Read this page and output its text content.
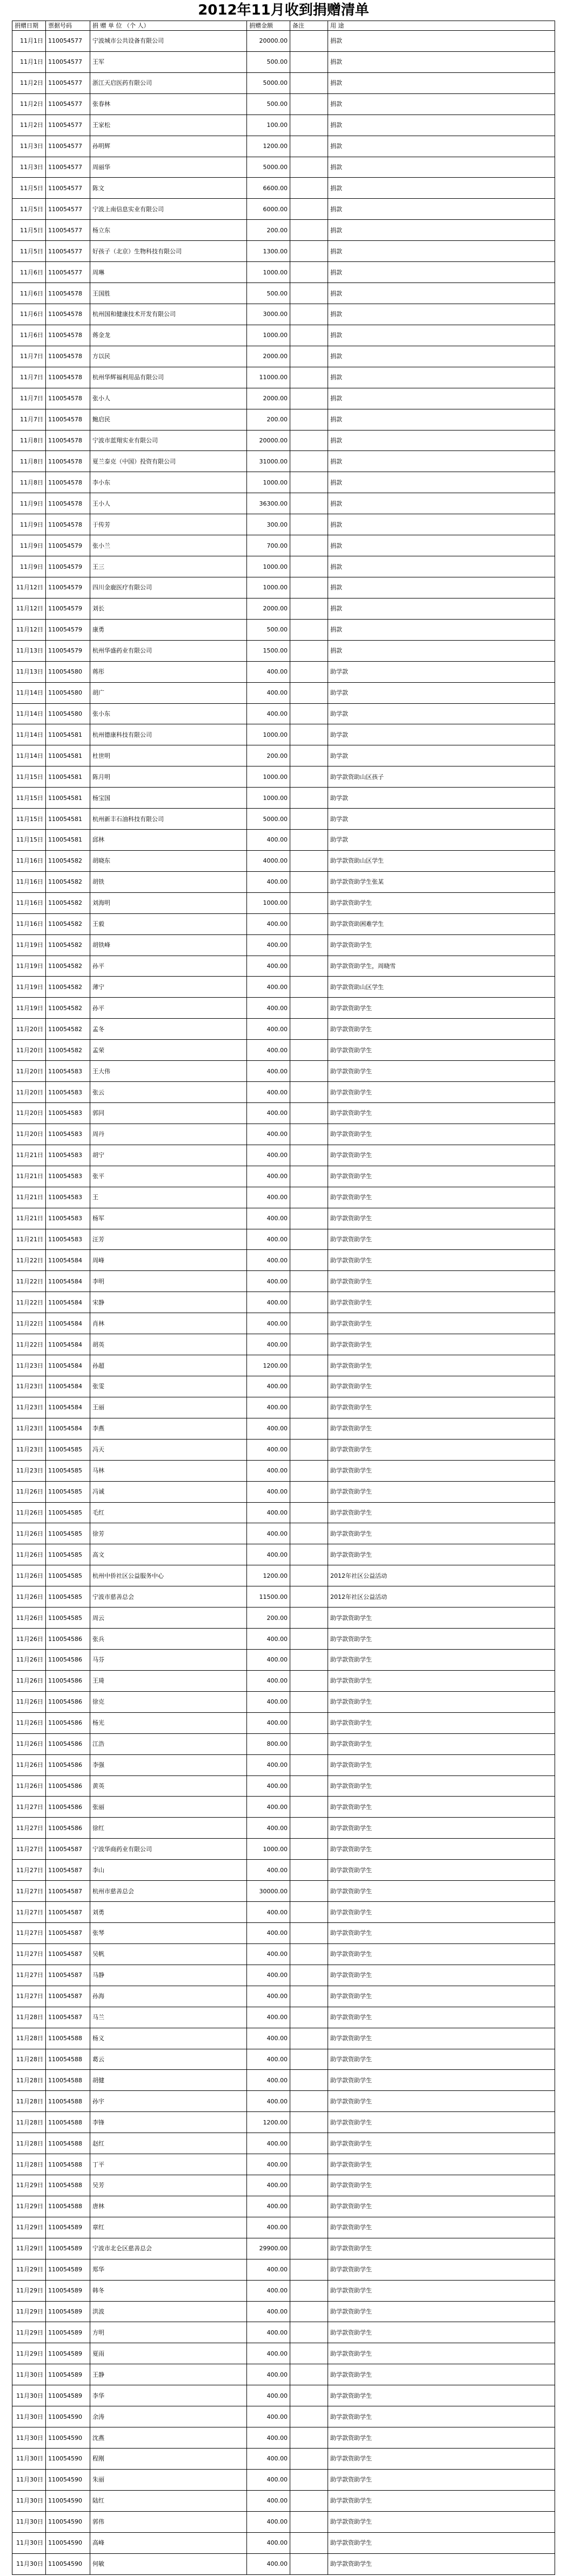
2012年11月收到捐赠清单
捐赠日期	票据号码	捐 赠 单 位 （个 人）	捐赠金额	备注	用 途
11月1日	110054577	宁波城市公共设备有限公司	20000.00		捐款
11月1日	110054577	王军	500.00		捐款
11月2日	110054577	浙江天启医药有限公司	5000.00		捐款
11月2日	110054577	张春林	500.00		捐款
11月2日	110054577	王家松	100.00		捐款
11月3日	110054577	孙明辉	1200.00		捐款
11月3日	110054577	周丽华	5000.00		捐款
11月5日	110054577	陈文	6600.00		捐款
11月5日	110054577	宁波上南信息实业有限公司	6000.00		捐款
11月5日	110054577	杨立东	200.00		捐款
11月5日	110054577	好孩子（北京）生物科技有限公司	1300.00		捐款
11月6日	110054577	周琳	1000.00		捐款
11月6日	110054578	王国胜	500.00		捐款
11月6日	110054578	杭州国和健康技术开发有限公司	3000.00		捐款
11月6日	110054578	蒋金龙	1000.00		捐款
11月7日	110054578	方以民	2000.00		捐款
11月7日	110054578	杭州华辉福利用品有限公司	11000.00		捐款
11月7日	110054578	张小人	2000.00		捐款
11月7日	110054578	鲍启民	200.00		捐款
11月8日	110054578	宁波市蓝翔实业有限公司	20000.00		捐款
11月8日	110054578	夏兰泰克（中国）投资有限公司	31000.00		捐款
11月8日	110054578	李小东	1000.00		捐款
11月9日	110054578	王小人	36300.00		捐款
11月9日	110054578	于传芳	300.00		捐款
11月9日	110054579	张小兰	700.00		捐款
11月9日	110054579	王三	1000.00		捐款
11月12日	110054579	四川金鹿医疗有限公司	1000.00		捐款
11月12日	110054579	刘长	2000.00		捐款
11月12日	110054579	康勇	500.00		捐款
11月13日	110054579	杭州华盛药业有限公司	1500.00		捐款
11月13日	110054580	蒋彤	400.00		助学款
11月14日	110054580	胡广	400.00		助学款
11月14日	110054580	张小东	400.00		助学款
11月14日	110054581	杭州德康科技有限公司	1000.00		助学款
11月14日	110054581	杜世明	200.00		助学款
11月15日	110054581	陈月明	1000.00		助学款资助山区孩子
11月15日	110054581	杨宝国	1000.00		助学款
11月15日	110054581	杭州新丰石油科技有限公司	5000.00		助学款
11月15日	110054581	邱林	400.00		助学款
11月16日	110054582	胡晓东	4000.00		助学款资助山区学生
11月16日	110054582	胡铁	400.00		助学款资助学生张某
11月16日	110054582	刘海明	1000.00		助学款资助学生
11月16日	110054582	王毅	400.00		助学款资助困难学生
11月19日	110054582	胡铁峰	400.00		助学款资助学生
11月19日	110054582	孙平	400.00		助学款资助学生，周晓雪
11月19日	110054582	薄宁	400.00		助学款资助山区学生
11月19日	110054582	孙平	400.00		助学款资助学生
11月20日	110054582	孟冬	400.00		助学款资助学生
11月20日	110054582	孟荣	400.00		助学款资助学生
11月20日	110054583	王大伟	400.00		助学款资助学生
11月20日	110054583	张云	400.00		助学款资助学生
11月20日	110054583	郭同	400.00		助学款资助学生
11月20日	110054583	周丹	400.00		助学款资助学生
11月21日	110054583	胡宁	400.00		助学款资助学生
11月21日	110054583	张平	400.00		助学款资助学生
11月21日	110054583	王	400.00		助学款资助学生
11月21日	110054583	杨军	400.00		助学款资助学生
11月21日	110054583	汪芳	400.00		助学款资助学生
11月22日	110054584	周峰	400.00		助学款资助学生
11月22日	110054584	李明	400.00		助学款资助学生
11月22日	110054584	宋静	400.00		助学款资助学生
11月22日	110054584	肖林	400.00		助学款资助学生
11月22日	110054584	胡英	400.00		助学款资助学生
11月23日	110054584	孙超	1200.00		助学款资助学生
11月23日	110054584	张雯	400.00		助学款资助学生
11月23日	110054584	王丽	400.00		助学款资助学生
11月23日	110054584	李燕	400.00		助学款资助学生
11月23日	110054585	冯天	400.00		助学款资助学生
11月23日	110054585	马林	400.00		助学款资助学生
11月26日	110054585	冯诚	400.00		助学款资助学生
11月26日	110054585	毛红	400.00		助学款资助学生
11月26日	110054585	徐芳	400.00		助学款资助学生
11月26日	110054585	高文	400.00		助学款资助学生
11月26日	110054585	杭州中侨社区公益服务中心	1200.00		2012年社区公益活动
11月26日	110054585	宁波市慈善总会	11500.00		2012年社区公益活动
11月26日	110054585	周云	200.00		助学款资助学生
11月26日	110054586	张兵	400.00		助学款资助学生
11月26日	110054586	马芬	400.00		助学款资助学生
11月26日	110054586	王琦	400.00		助学款资助学生
11月26日	110054586	徐克	400.00		助学款资助学生
11月26日	110054586	杨光	400.00		助学款资助学生
11月26日	110054586	江浩	800.00		助学款资助学生
11月26日	110054586	李强	400.00		助学款资助学生
11月26日	110054586	黄英	400.00		助学款资助学生
11月27日	110054586	张丽	400.00		助学款资助学生
11月27日	110054586	徐红	400.00		助学款资助学生
11月27日	110054587	宁波华商药业有限公司	1000.00		助学款资助学生
11月27日	110054587	李山	400.00		助学款资助学生
11月27日	110054587	杭州市慈善总会	30000.00		助学款资助学生
11月27日	110054587	刘勇	400.00		助学款资助学生
11月27日	110054587	张琴	400.00		助学款资助学生
11月27日	110054587	吴帆	400.00		助学款资助学生
11月27日	110054587	马静	400.00		助学款资助学生
11月27日	110054587	孙海	400.00		助学款资助学生
11月28日	110054587	马兰	400.00		助学款资助学生
11月28日	110054588	杨义	400.00		助学款资助学生
11月28日	110054588	葛云	400.00		助学款资助学生
11月28日	110054588	胡健	400.00		助学款资助学生
11月28日	110054588	孙宇	400.00		助学款资助学生
11月28日	110054588	李锋	1200.00		助学款资助学生
11月28日	110054588	赵红	400.00		助学款资助学生
11月28日	110054588	丁平	400.00		助学款资助学生
11月29日	110054588	吴芳	400.00		助学款资助学生
11月29日	110054588	唐林	400.00		助学款资助学生
11月29日	110054589	章红	400.00		助学款资助学生
11月29日	110054589	宁波市北仑区慈善总会	29900.00		助学款资助学生
11月29日	110054589	郑华	400.00		助学款资助学生
11月29日	110054589	韩冬	400.00		助学款资助学生
11月29日	110054589	洪波	400.00		助学款资助学生
11月29日	110054589	方明	400.00		助学款资助学生
11月29日	110054589	夏雨	400.00		助学款资助学生
11月30日	110054589	王静	400.00		助学款资助学生
11月30日	110054589	李华	400.00		助学款资助学生
11月30日	110054590	余涛	400.00		助学款资助学生
11月30日	110054590	沈燕	400.00		助学款资助学生
11月30日	110054590	程刚	400.00		助学款资助学生
11月30日	110054590	朱丽	400.00		助学款资助学生
11月30日	110054590	陆红	400.00		助学款资助学生
11月30日	110054590	郭伟	400.00		助学款资助学生
11月30日	110054590	高峰	400.00		助学款资助学生
11月30日	110054590	何敏	400.00		助学款资助学生
